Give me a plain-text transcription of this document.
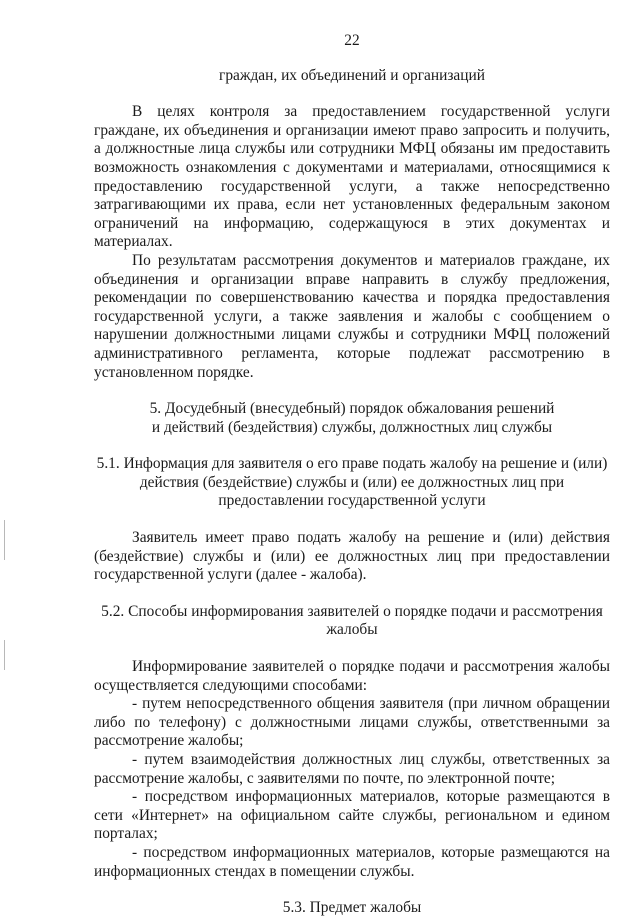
22

граждан, их объединений и организаций

В целях контроля за предоставлением государственной услуги граждане, их объединения и организации имеют право запросить и получить, а должностные лица службы или сотрудники МФЦ обязаны им предоставить возможность ознакомления с документами и материалами, относящимися к предоставлению государственной услуги, а также непосредственно затрагивающими их права, если нет установленных федеральным законом ограничений на информацию, содержащуюся в этих документах и материалах.

По результатам рассмотрения документов и материалов граждане, их объединения и организации вправе направить в службу предложения, рекомендации по совершенствованию качества и порядка предоставления государственной услуги, а также заявления и жалобы с сообщением о нарушении должностными лицами службы и сотрудники МФЦ положений административного регламента, которые подлежат рассмотрению в установленном порядке.

5. Досудебный (внесудебный) порядок обжалования решений

и действий (бездействия) службы, должностных лиц службы

5.1. Информация для заявителя о его праве подать жалобу на решение и (или) действия (бездействие) службы и (или) ее должностных лиц при предоставлении государственной услуги

Заявитель имеет право подать жалобу на решение и (или) действия (бездействие) службы и (или) ее должностных лиц при предоставлении государственной услуги (далее - жалоба).

5.2. Способы информирования заявителей о порядке подачи и рассмотрения жалобы

Информирование заявителей о порядке подачи и рассмотрения жалобы осуществляется следующими способами:

- путем непосредственного общения заявителя (при личном обращении либо по телефону) с должностными лицами службы, ответственными за рассмотрение жалобы;

- путем взаимодействия должностных лиц службы, ответственных за рассмотрение жалобы, с заявителями по почте, по электронной почте;

- посредством информационных материалов, которые размещаются в сети «Интернет» на официальном сайте службы, региональном и едином порталах;

- посредством информационных материалов, которые размещаются на информационных стендах в помещении службы.

5.3. Предмет жалобы
